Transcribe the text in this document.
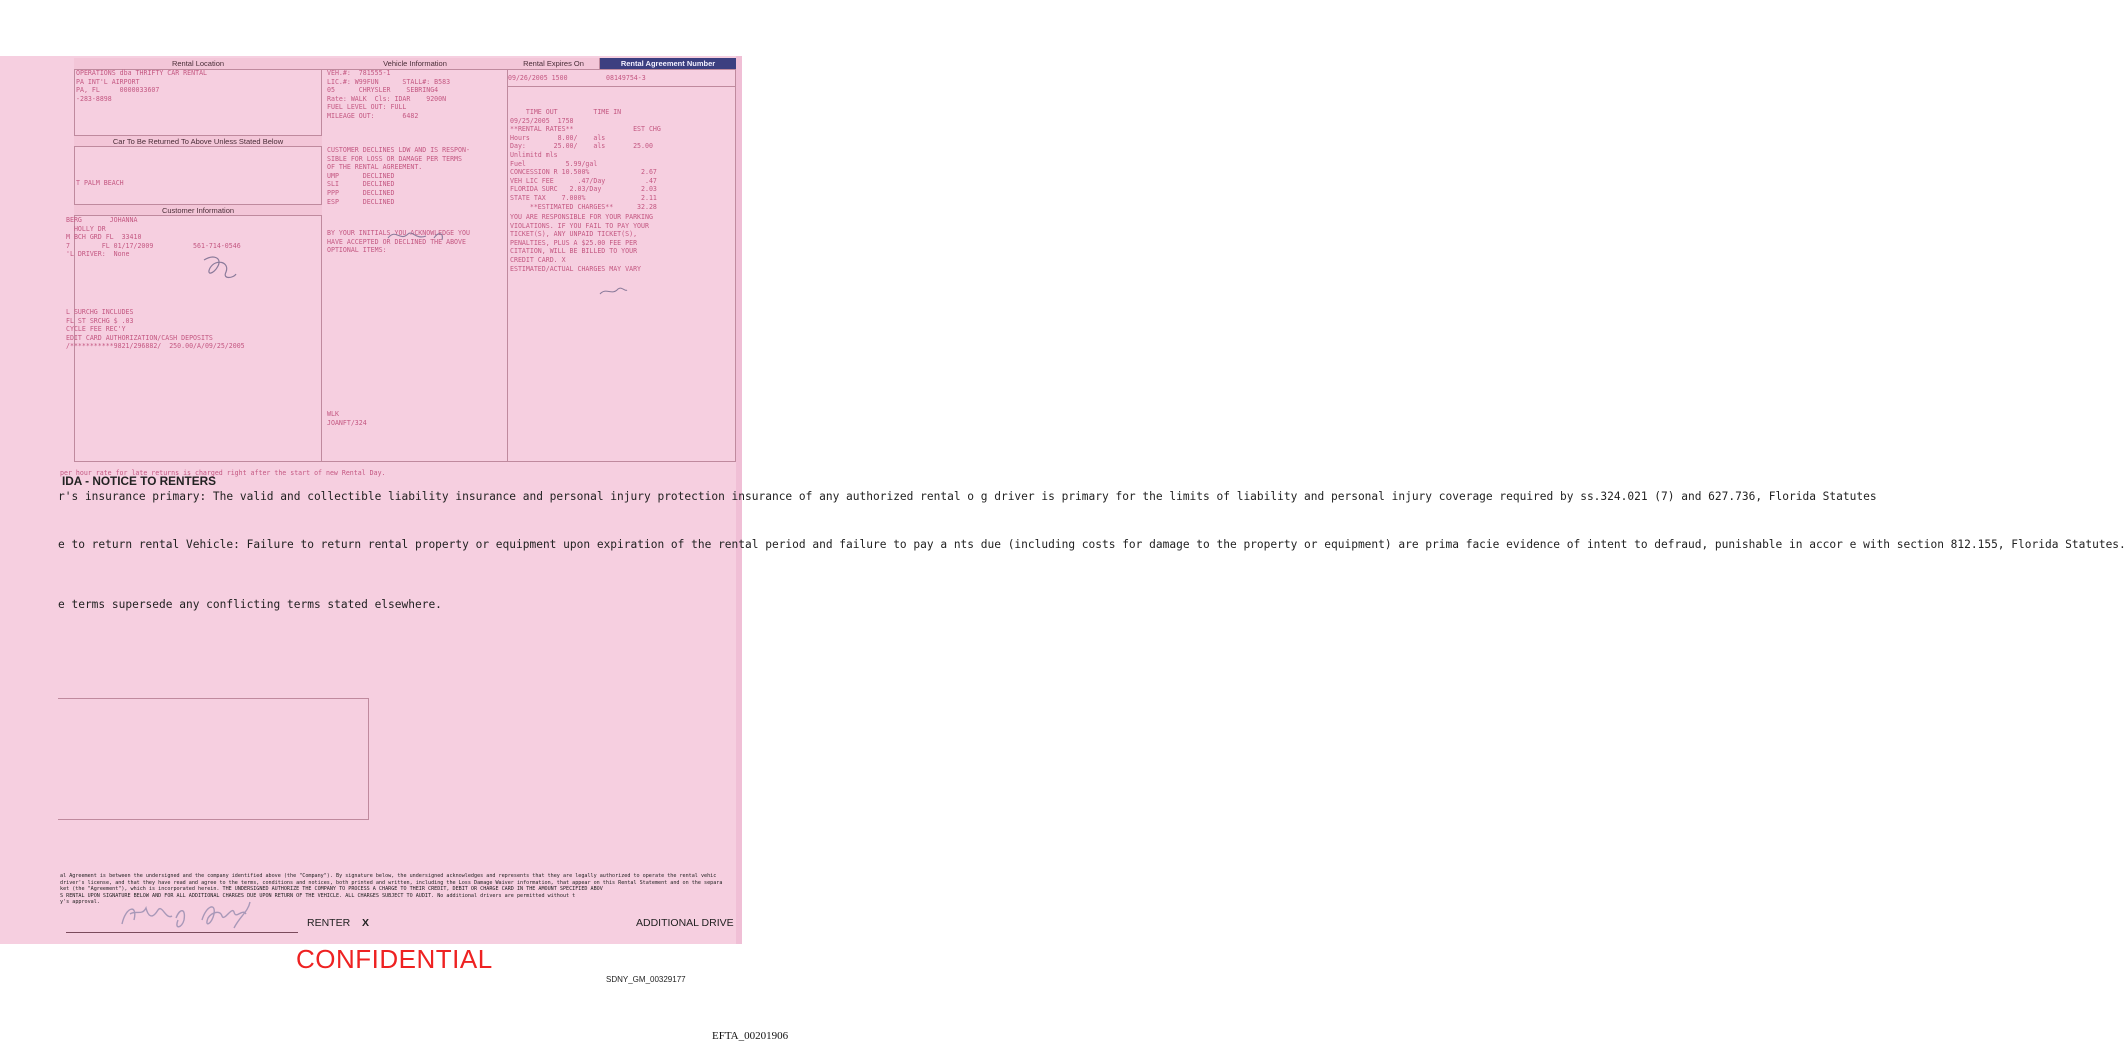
Rental Location
OPERATIONS dba THRIFTY CAR RENTAL
PA INT'L AIRPORT
PA, FL     0000033607
-283-8898
Car To Be Returned To Above Unless Stated Below
T PALM BEACH
Customer Information
BERG       JOHANNA
HOLLY DR
M BCH GRD FL  33410
7        FL 01/17/2009          561-714-0546
'L DRIVER:  None
L SURCHG INCLUDES
FL ST SRCHG $ .03
CYCLE FEE REC'Y
EDIT CARD AUTHORIZATION/CASH DEPOSITS
/***********9821/296882/  250.00/A/09/25/2005
Vehicle Information
VEH.#:  781555-1
LIC.#: W99FUN      STALL#: B583
05      CHRYSLER    SEBRING4
Rate: WALK  Cls: IDAR    9200N
FUEL LEVEL OUT: FULL
MILEAGE OUT:       6482
CUSTOMER DECLINES LDW AND IS RESPON-
SIBLE FOR LOSS OR DAMAGE PER TERMS
OF THE RENTAL AGREEMENT.
UMP      DECLINED
SLI      DECLINED
PPP      DECLINED
ESP      DECLINED
BY YOUR INITIALS YOU ACKNOWLEDGE YOU
HAVE ACCEPTED OR DECLINED THE ABOVE
OPTIONAL ITEMS:
WLK
JOANFT/324
Rental Expires On	Rental Agreement Number
09/26/2005 1500	08149754-3
TIME OUT         TIME IN
09/25/2005  1758
**RENTAL RATES**               EST CHG
Hours       8.00/    als
Day:       25.00/    als       25.00
Unlimitd mls
Fuel          5.99/gal
CONCESSION R 10.500%             2.67
VEH LIC FEE      .47/Day          .47
FLORIDA SURC   2.03/Day          2.03
STATE TAX    7.000%              2.11
**ESTIMATED CHARGES**      32.28
YOU ARE RESPONSIBLE FOR YOUR PARKING
VIOLATIONS. IF YOU FAIL TO PAY YOUR
TICKET(S), ANY UNPAID TICKET(S),
PENALTIES, PLUS A $25.00 FEE PER
CITATION, WILL BE BILLED TO YOUR
CREDIT CARD. X
ESTIMATED/ACTUAL CHARGES MAY VARY
per hour rate for late returns is charged right after the start of new Rental Day.
IDA - NOTICE TO RENTERS
r's insurance primary: The valid and collectible liability insurance and personal injury protection insurance of any authorized rental o g driver is primary for the limits of liability and personal injury coverage required by ss.324.021 (7) and 627.736, Florida Statutes
e to return rental Vehicle: Failure to return rental property or equipment upon expiration of the rental period and failure to pay a nts due (including costs for damage to the property or equipment) are prima facie evidence of intent to defraud, punishable in accor e with section 812.155, Florida Statutes.
e terms supersede any conflicting terms stated elsewhere.
al Agreement is between the undersigned and the company identified above (the "Company"). By signature below, the undersigned acknowledges and represents that they are legally authorized to operate the rental vehic
driver's license, and that they have read and agree to the terms, conditions and notices, both printed and written, including the Loss Damage Waiver information, that appear on this Rental Statement and on the separa
ket (the "Agreement"), which is incorporated herein. THE UNDERSIGNED AUTHORIZE THE COMPANY TO PROCESS A CHARGE TO THEIR CREDIT, DEBIT OR CHARGE CARD IN THE AMOUNT SPECIFIED ABOV
S RENTAL UPON SIGNATURE BELOW AND FOR ALL ADDITIONAL CHARGES DUE UPON RETURN OF THE VEHICLE. ALL CHARGES SUBJECT TO AUDIT. No additional drivers are permitted without t
y's approval.
RENTER X	ADDITIONAL DRIVE
CONFIDENTIAL
SDNY_GM_00329177
EFTA_00201906
